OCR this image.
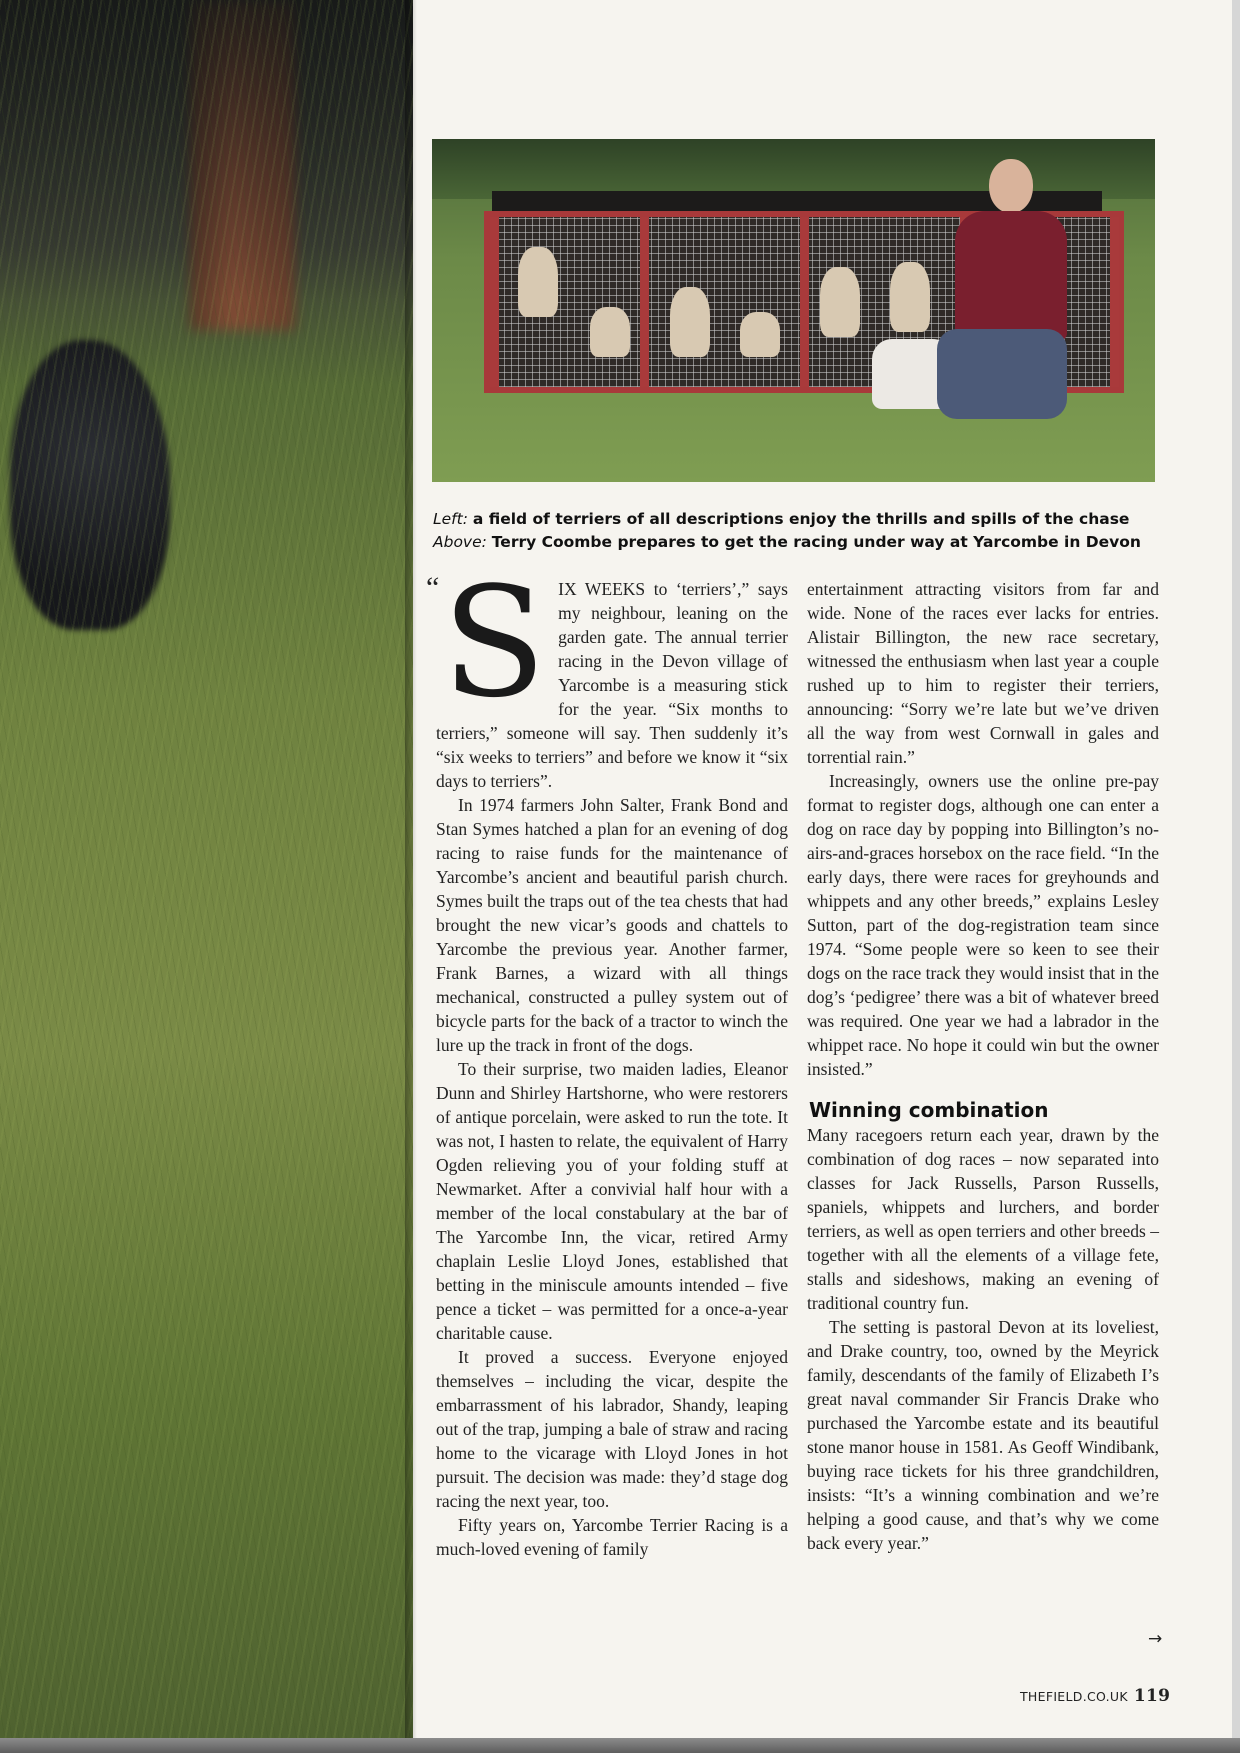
Left: a field of terriers of all descriptions enjoy the thrills and spills of the chase
Above: Terry Coombe prepares to get the racing under way at Yarcombe in Devon
“ SIX WEEKS to ‘terriers’,” says my neighbour, leaning on the garden gate. The annual terrier racing in the Devon village of Yarcombe is a measuring stick for the year. “Six months to terriers,” someone will say. Then suddenly it’s “six weeks to terriers” and before we know it “six days to terriers”.

In 1974 farmers John Salter, Frank Bond and Stan Symes hatched a plan for an evening of dog racing to raise funds for the maintenance of Yarcombe’s ancient and beautiful parish church. Symes built the traps out of the tea chests that had brought the new vicar’s goods and chattels to Yarcombe the previous year. Another farmer, Frank Barnes, a wizard with all things mechanical, constructed a pulley system out of bicycle parts for the back of a tractor to winch the lure up the track in front of the dogs.

To their surprise, two maiden ladies, Eleanor Dunn and Shirley Hartshorne, who were restorers of antique porcelain, were asked to run the tote. It was not, I hasten to relate, the equivalent of Harry Ogden relieving you of your folding stuff at Newmarket. After a convivial half hour with a member of the local constabulary at the bar of The Yarcombe Inn, the vicar, retired Army chaplain Leslie Lloyd Jones, established that betting in the miniscule amounts intended – five pence a ticket – was permitted for a once-a-year charitable cause.

It proved a success. Everyone enjoyed themselves – including the vicar, despite the embarrassment of his labrador, Shandy, leaping out of the trap, jumping a bale of straw and racing home to the vicarage with Lloyd Jones in hot pursuit. The decision was made: they’d stage dog racing the next year, too.

Fifty years on, Yarcombe Terrier Racing is a much-loved evening of family

entertainment attracting visitors from far and wide. None of the races ever lacks for entries. Alistair Billington, the new race secretary, witnessed the enthusiasm when last year a couple rushed up to him to register their terriers, announcing: “Sorry we’re late but we’ve driven all the way from west Cornwall in gales and torrential rain.”

Increasingly, owners use the online pre-pay format to register dogs, although one can enter a dog on race day by popping into Billington’s no-airs-and-graces horsebox on the race field. “In the early days, there were races for greyhounds and whippets and any other breeds,” explains Lesley Sutton, part of the dog-registration team since 1974. “Some people were so keen to see their dogs on the race track they would insist that in the dog’s ‘pedigree’ there was a bit of whatever breed was required. One year we had a labrador in the whippet race. No hope it could win but the owner insisted.”

Winning combination

Many racegoers return each year, drawn by the combination of dog races – now separated into classes for Jack Russells, Parson Russells, spaniels, whippets and lurchers, and border terriers, as well as open terriers and other breeds – together with all the elements of a village fete, stalls and sideshows, making an evening of traditional country fun.

The setting is pastoral Devon at its loveliest, and Drake country, too, owned by the Meyrick family, descendants of the family of Elizabeth I’s great naval commander Sir Francis Drake who purchased the Yarcombe estate and its beautiful stone manor house in 1581. As Geoff Windibank, buying race tickets for his three grandchildren, insists: “It’s a winning combination and we’re helping a good cause, and that’s why we come back every year.”

→
THEFIELD.CO.UK 119
